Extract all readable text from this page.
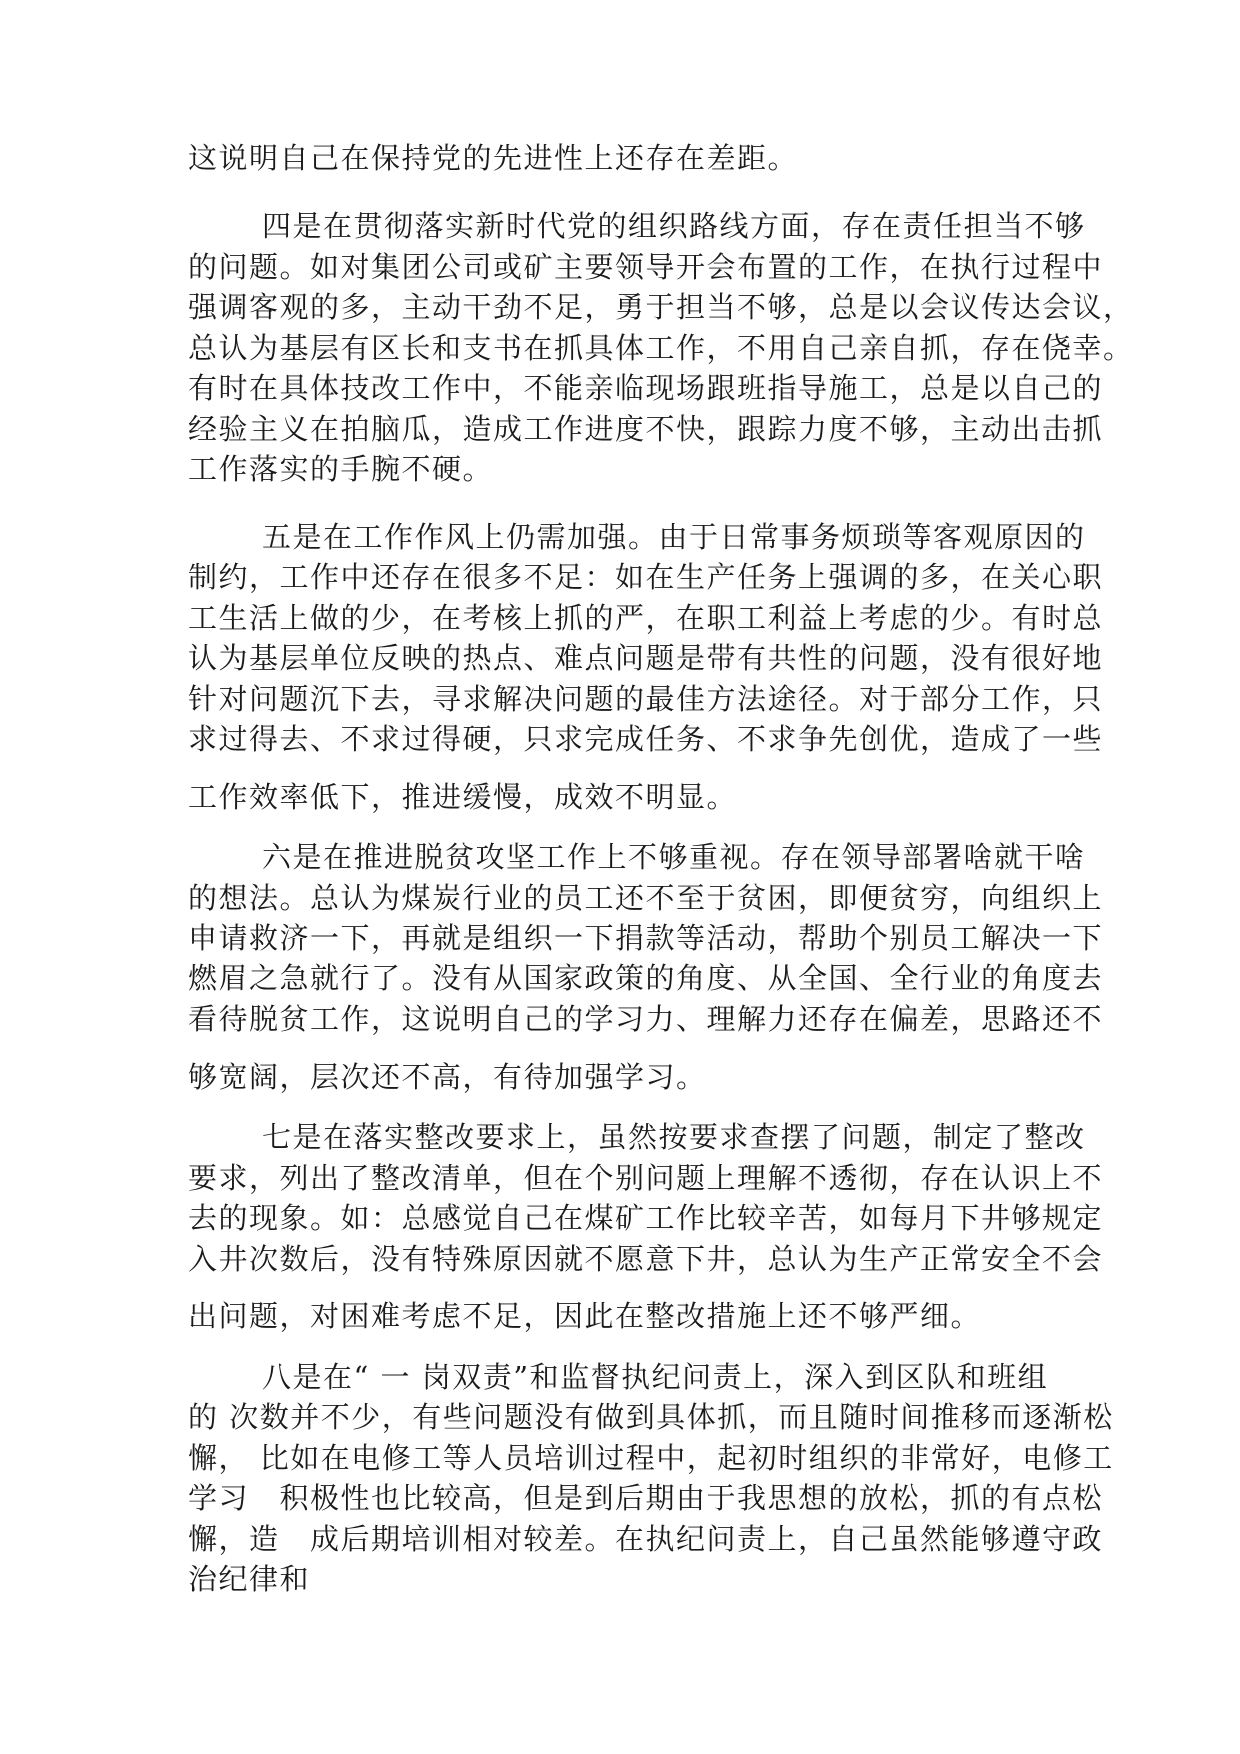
这说明自己在保持党的先进性上还存在差距。

四是在贯彻落实新时代党的组织路线方面，存在责任担当不够

的问题。如对集团公司或矿主要领导开会布置的工作，在执行过程中

强调客观的多，主动干劲不足，勇于担当不够，总是以会议传达会议，

总认为基层有区长和支书在抓具体工作，不用自己亲自抓，存在侥幸。

有时在具体技改工作中，不能亲临现场跟班指导施工，总是以自己的

经验主义在拍脑瓜，造成工作进度不快，跟踪力度不够，主动出击抓

工作落实的手腕不硬。

五是在工作作风上仍需加强。由于日常事务烦琐等客观原因的

制约，工作中还存在很多不足：如在生产任务上强调的多，在关心职

工生活上做的少，在考核上抓的严，在职工利益上考虑的少。有时总

认为基层单位反映的热点、难点问题是带有共性的问题，没有很好地

针对问题沉下去，寻求解决问题的最佳方法途径。对于部分工作，只

求过得去、不求过得硬，只求完成任务、不求争先创优，造成了一些

工作效率低下，推进缓慢，成效不明显。

六是在推进脱贫攻坚工作上不够重视。存在领导部署啥就干啥

的想法。总认为煤炭行业的员工还不至于贫困，即便贫穷，向组织上

申请救济一下，再就是组织一下捐款等活动，帮助个别员工解决一下

燃眉之急就行了。没有从国家政策的角度、从全国、全行业的角度去

看待脱贫工作，这说明自己的学习力、理解力还存在偏差，思路还不

够宽阔，层次还不高，有待加强学习。

七是在落实整改要求上，虽然按要求查摆了问题，制定了整改

要求，列出了整改清单，但在个别问题上理解不透彻，存在认识上不

去的现象。如：总感觉自己在煤矿工作比较辛苦，如每月下井够规定

入井次数后，没有特殊原因就不愿意下井，总认为生产正常安全不会

出问题，对困难考虑不足，因此在整改措施上还不够严细。

八是在“ 一 岗双责”和监督执纪问责上，深入到区队和班组

的 次数并不少，有些问题没有做到具体抓，而且随时间推移而逐渐松

懈， 比如在电修工等人员培训过程中，起初时组织的非常好，电修工

学习　积极性也比较高，但是到后期由于我思想的放松，抓的有点松

懈，造　成后期培训相对较差。在执纪问责上，自己虽然能够遵守政

治纪律和
